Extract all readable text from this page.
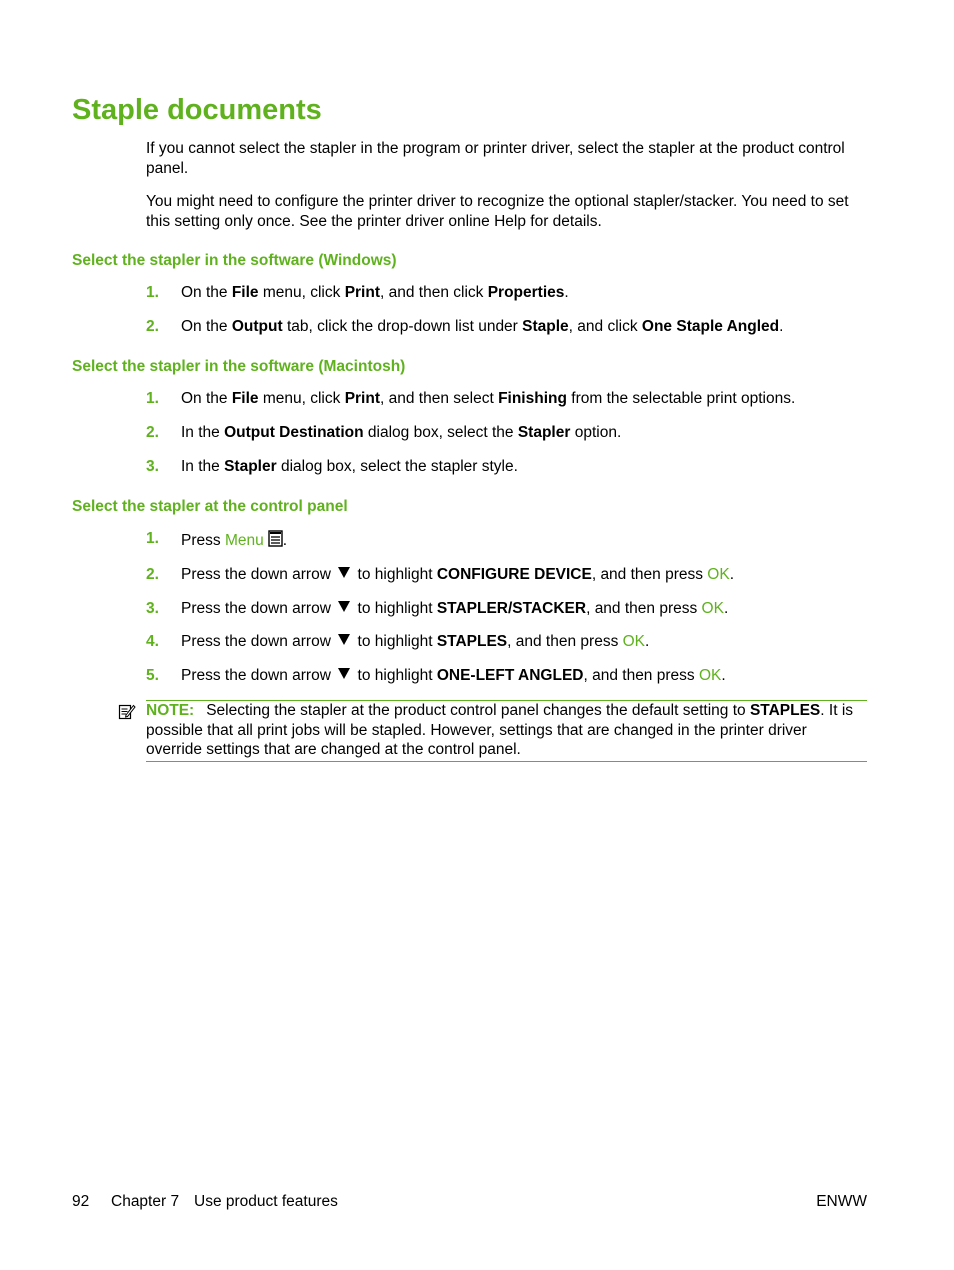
Staple documents

If you cannot select the stapler in the program or printer driver, select the stapler at the product control panel.

You might need to configure the printer driver to recognize the optional stapler/stacker. You need to set this setting only once. See the printer driver online Help for details.

Select the stapler in the software (Windows)
1. On the File menu, click Print, and then click Properties.
2. On the Output tab, click the drop-down list under Staple, and click One Staple Angled.
Select the stapler in the software (Macintosh)
1. On the File menu, click Print, and then select Finishing from the selectable print options.
2. In the Output Destination dialog box, select the Stapler option.
3. In the Stapler dialog box, select the stapler style.
Select the stapler at the control panel
1. Press Menu .
2. Press the down arrow  to highlight CONFIGURE DEVICE, and then press OK.
3. Press the down arrow  to highlight STAPLER/STACKER, and then press OK.
4. Press the down arrow  to highlight STAPLES, and then press OK.
5. Press the down arrow  to highlight ONE-LEFT ANGLED, and then press OK.
NOTE: Selecting the stapler at the product control panel changes the default setting to STAPLES. It is possible that all print jobs will be stapled. However, settings that are changed in the printer driver override settings that are changed at the control panel.
92 Chapter 7 Use product features	ENWW
